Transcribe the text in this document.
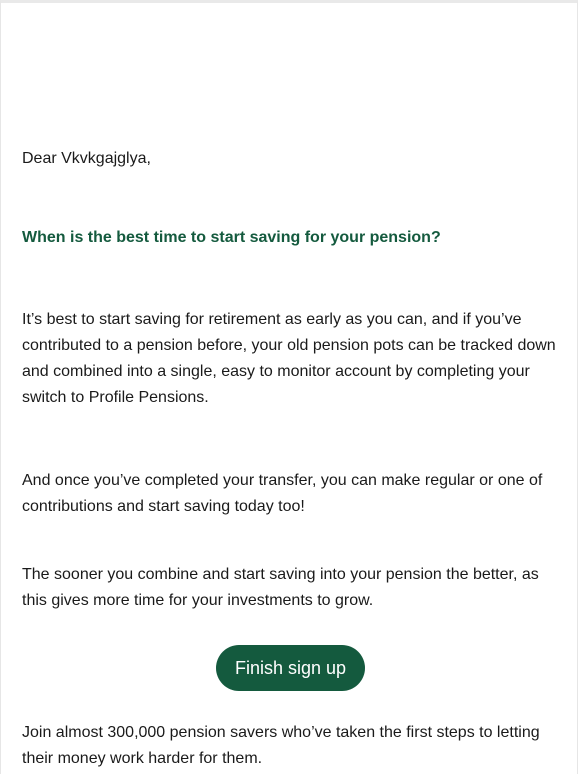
Dear Vkvkgajglya,

When is the best time to start saving for your pension?

It’s best to start saving for retirement as early as you can, and if you’ve contributed to a pension before, your old pension pots can be tracked down and combined into a single, easy to monitor account by completing your switch to Profile Pensions.

And once you’ve completed your transfer, you can make regular or one of contributions and start saving today too!

The sooner you combine and start saving into your pension the better, as this gives more time for your investments to grow.

Finish sign up

Join almost 300,000 pension savers who’ve taken the first steps to letting their money work harder for them.
